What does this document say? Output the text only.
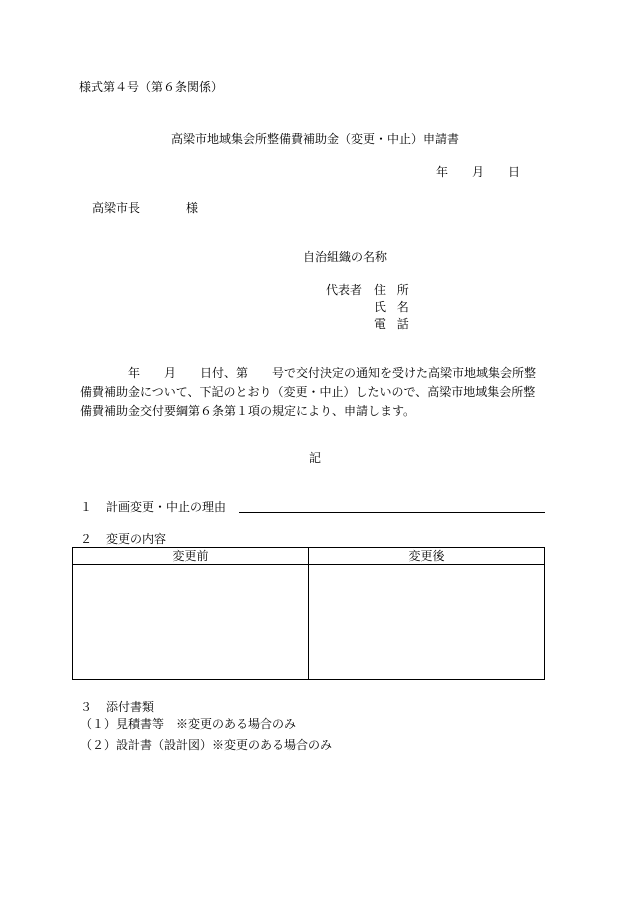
様式第４号（第６条関係）
高梁市地域集会所整備費補助金（変更・中止）申請書
年 月 日
高梁市長	様
自治組織の名称
代表者 住所
氏名
電話
年　　月　　日付、第　　号で交付決定の通知を受けた高梁市地域集会所整備費補助金について、下記のとおり（変更・中止）したいので、高梁市地域集会所整備費補助金交付要綱第６条第１項の規定により、申請します。
記
１ 計画変更・中止の理由
２ 変更の内容
変更前	変更後

３ 添付書類
（１）見積書等　※変更のある場合のみ
（２）設計書（設計図）※変更のある場合のみ
